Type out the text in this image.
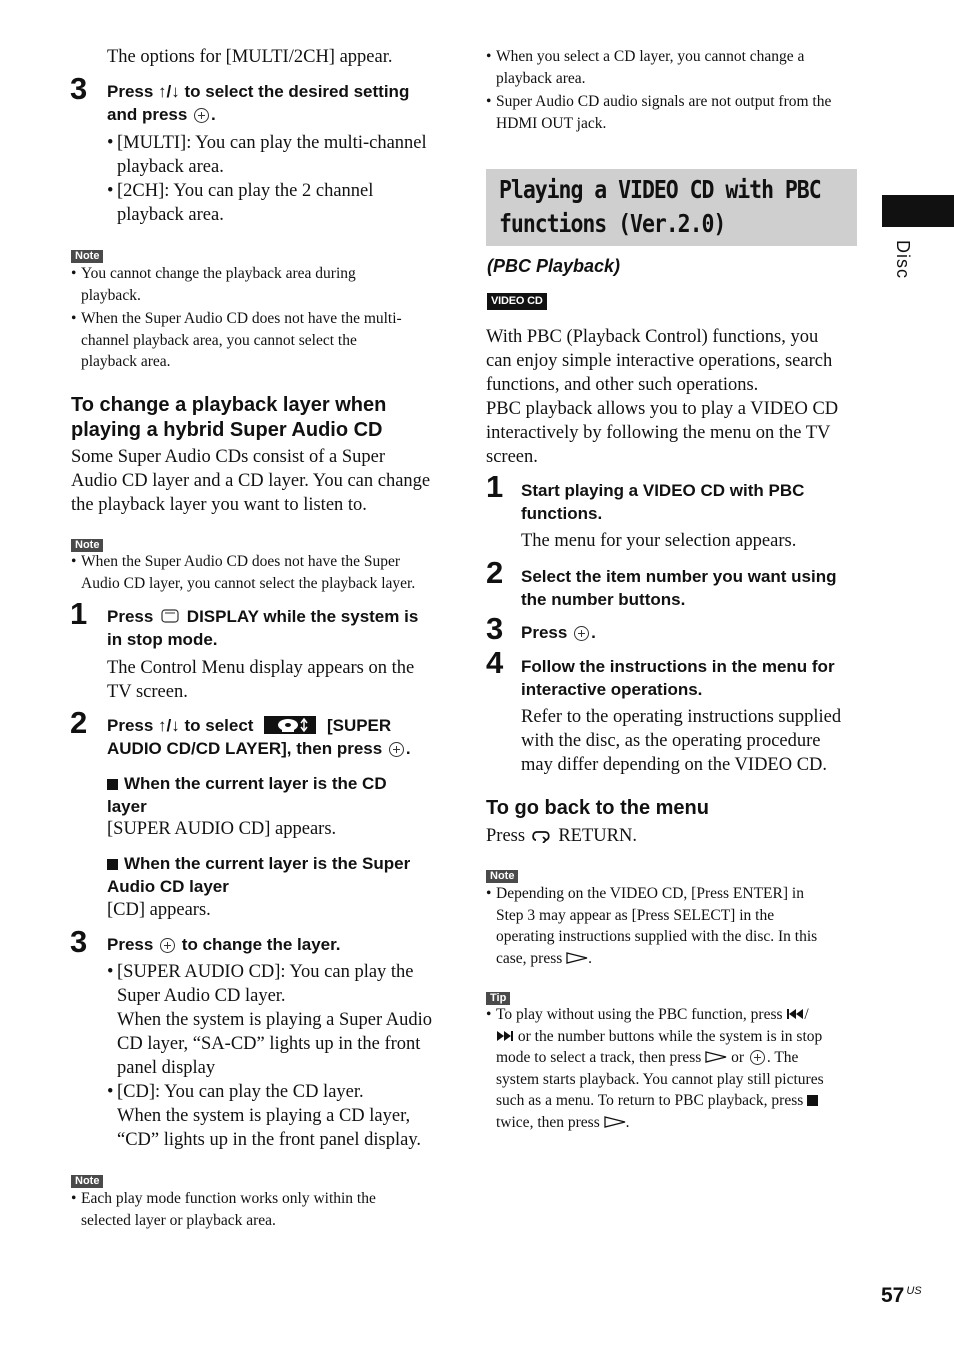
The options for [MULTI/2CH] appear.
3 Press ↑/↓ to select the desired setting
and press .
• [MULTI]: You can play the multi-channel
playback area.
• [2CH]: You can play the 2 channel
playback area.
Note
• You cannot change the playback area during
playback.
• When the Super Audio CD does not have the multi-
channel playback area, you cannot select the
playback area.
To change a playback layer when
playing a hybrid Super Audio CD
Some Super Audio CDs consist of a Super
Audio CD layer and a CD layer. You can change
the playback layer you want to listen to.
Note
• When the Super Audio CD does not have the Super
Audio CD layer, you cannot select the playback layer.
1 Press DISPLAY while the system is
in stop mode.
The Control Menu display appears on the
TV screen.
2 Press ↑/↓ to select	[SUPER
AUDIO CD/CD LAYER], then press .
When the current layer is the CD
layer
[SUPER AUDIO CD] appears.
When the current layer is the Super
Audio CD layer
[CD] appears.
3 Press to change the layer.
• [SUPER AUDIO CD]: You can play the
Super Audio CD layer.
When the system is playing a Super Audio
CD layer, “SA-CD” lights up in the front
panel display
• [CD]: You can play the CD layer.
When the system is playing a CD layer,
“CD” lights up in the front panel display.
Note
• Each play mode function works only within the
selected layer or playback area.
• When you select a CD layer, you cannot change a
playback area.
• Super Audio CD audio signals are not output from the
HDMI OUT jack.
Playing a VIDEO CD with PBC
functions (Ver.2.0)
(PBC Playback)
VIDEO CD
With PBC (Playback Control) functions, you
can enjoy simple interactive operations, search
functions, and other such operations.
PBC playback allows you to play a VIDEO CD
interactively by following the menu on the TV
screen.
1 Start playing a VIDEO CD with PBC
functions.
The menu for your selection appears.
2 Select the item number you want using
the number buttons.
3 Press .
4 Follow the instructions in the menu for
interactive operations.
Refer to the operating instructions supplied
with the disc, as the operating procedure
may differ depending on the VIDEO CD.
To go back to the menu
Press RETURN.
Note
• Depending on the VIDEO CD, [Press ENTER] in
Step 3 may appear as [Press SELECT] in the
operating instructions supplied with the disc. In this
case, press .
Tip
• To play without using the PBC function, press /
or the number buttons while the system is in stop
mode to select a track, then press or . The
system starts playback. You cannot play still pictures
such as a menu. To return to PBC playback, press
twice, then press .
Disc
57 $^{US}$
